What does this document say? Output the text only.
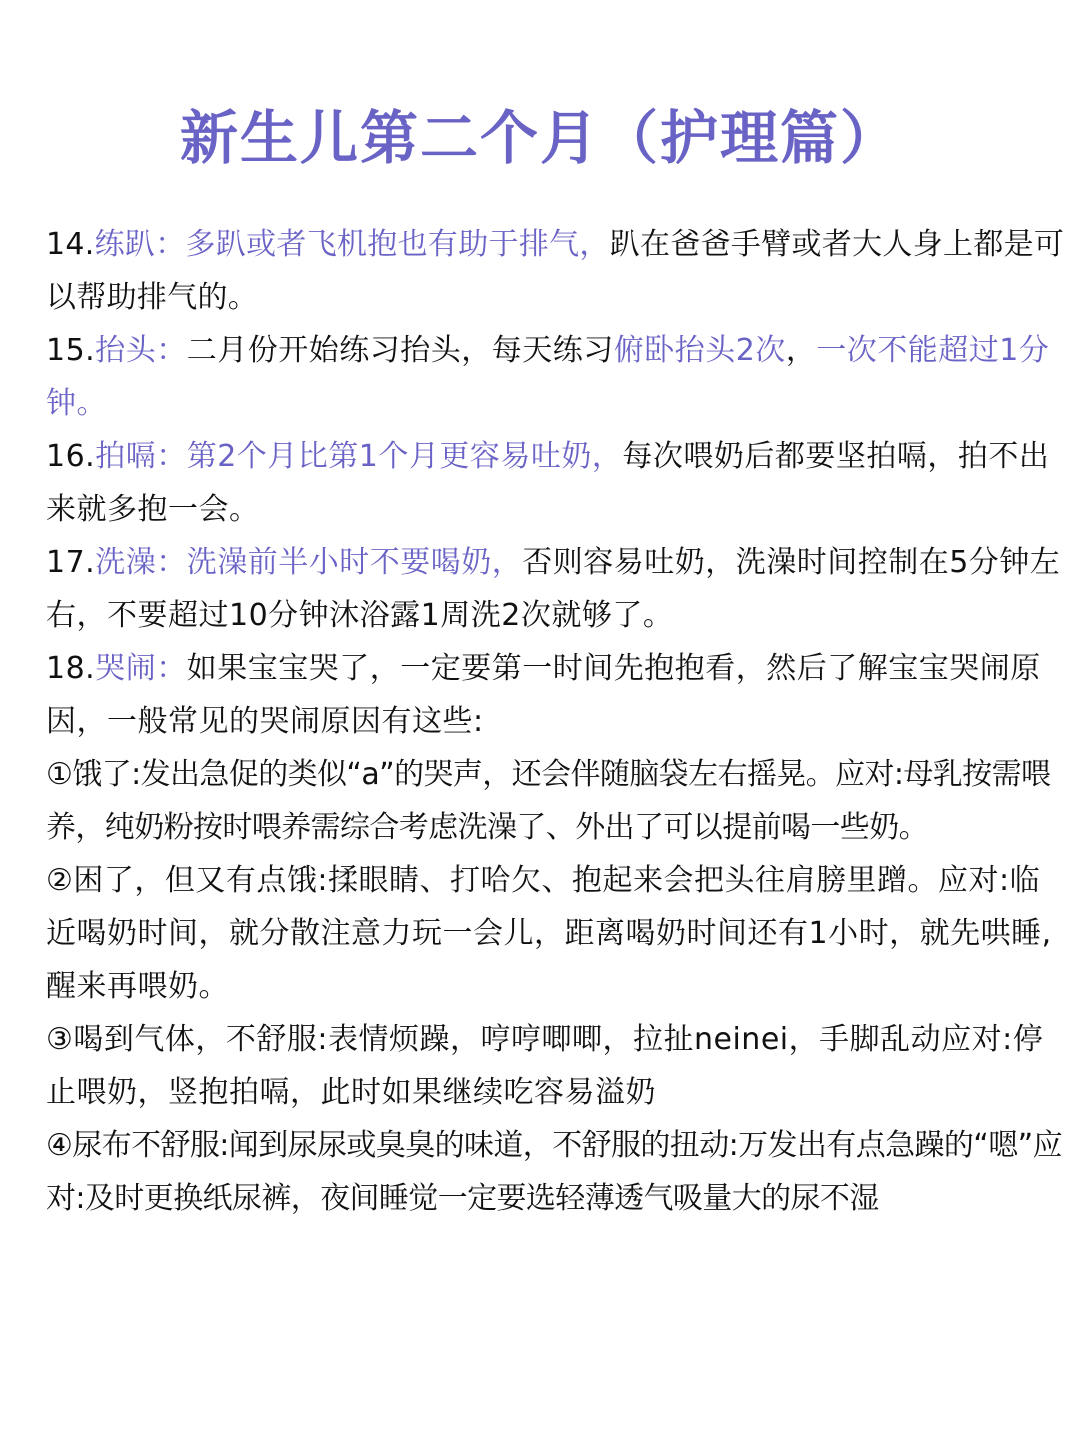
新生儿第二个月（护理篇）

14.练趴：多趴或者飞机抱也有助于排气，趴在爸爸手臂或者大人身上都是可以帮助排气的。

15.抬头：二月份开始练习抬头，每天练习俯卧抬头2次，一次不能超过1分钟。

16.拍嗝：第2个月比第1个月更容易吐奶，每次喂奶后都要坚拍嗝，拍不出来就多抱一会。

17.洗澡：洗澡前半小时不要喝奶，否则容易吐奶，洗澡时间控制在5分钟左右，不要超过10分钟沐浴露1周洗2次就够了。

18.哭闹：如果宝宝哭了，一定要第一时间先抱抱看，然后了解宝宝哭闹原因，一般常见的哭闹原因有这些:

①饿了:发出急促的类似“a”的哭声，还会伴随脑袋左右摇晃。应对:母乳按需喂养，纯奶粉按时喂养需综合考虑洗澡了、外出了可以提前喝一些奶。

②困了，但又有点饿:揉眼睛、打哈欠、抱起来会把头往肩膀里蹭。应对:临近喝奶时间，就分散注意力玩一会儿，距离喝奶时间还有1小时，就先哄睡,醒来再喂奶。

③喝到气体，不舒服:表情烦躁，哼哼唧唧，拉扯neinei，手脚乱动应对:停止喂奶，竖抱拍嗝，此时如果继续吃容易溢奶

④尿布不舒服:闻到尿尿或臭臭的味道，不舒服的扭动:万发出有点急躁的“嗯”应对:及时更换纸尿裤，夜间睡觉一定要选轻薄透气吸量大的尿不湿
